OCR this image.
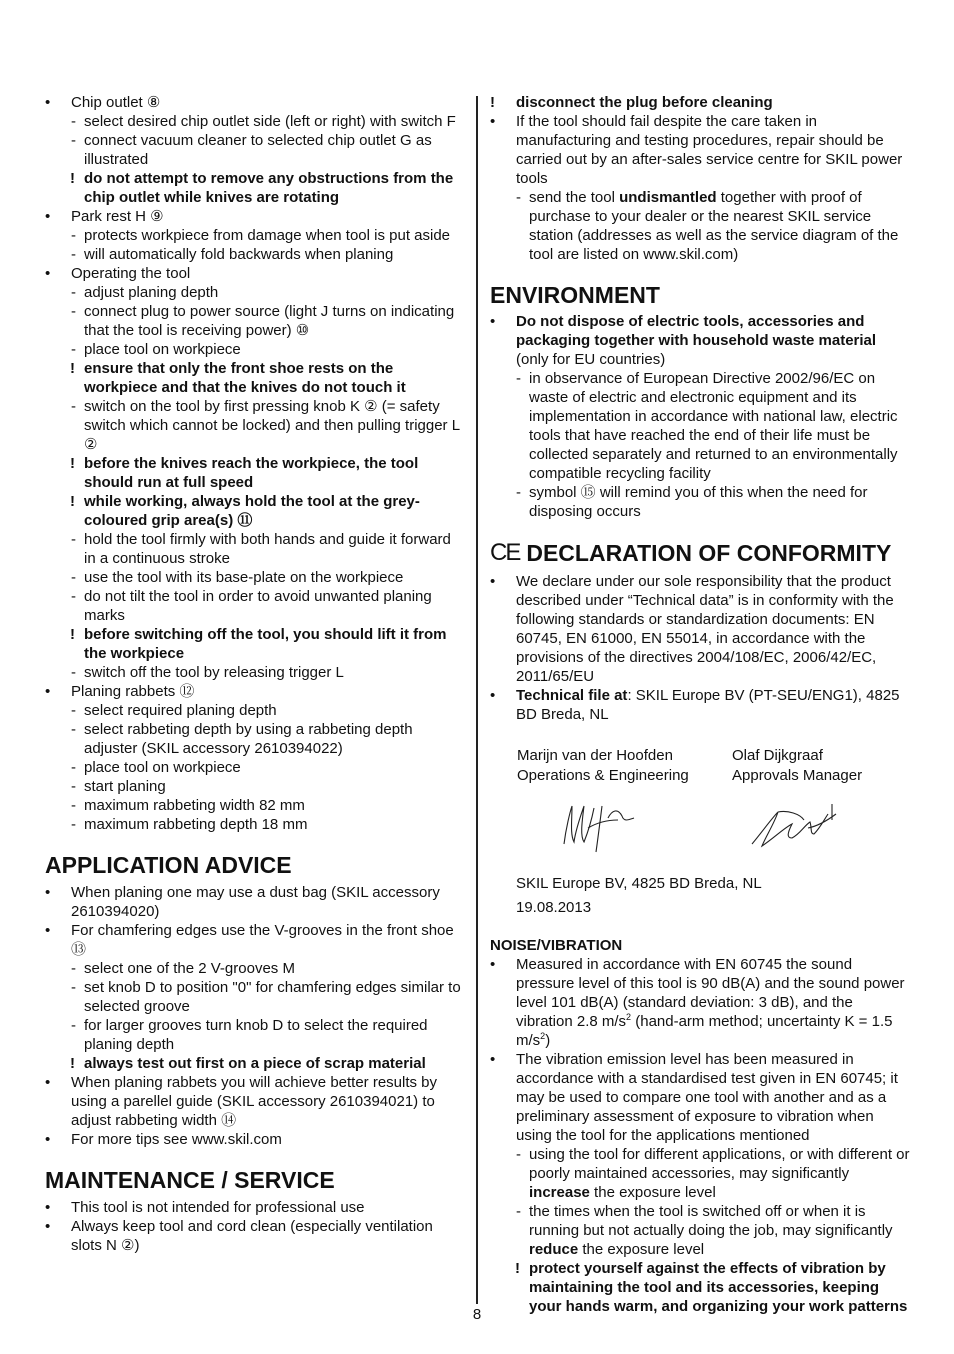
• Chip outlet ⑧
- select desired chip outlet side (left or right) with switch F
- connect vacuum cleaner to selected chip outlet G as illustrated
! do not attempt to remove any obstructions from the chip outlet while knives are rotating
• Park rest H ⑨
- protects workpiece from damage when tool is put aside
- will automatically fold backwards when planing
• Operating the tool
- adjust planing depth
- connect plug to power source (light J turns on indicating that the tool is receiving power) ⑩
- place tool on workpiece
! ensure that only the front shoe rests on the workpiece and that the knives do not touch it
- switch on the tool by first pressing knob K ② (= safety switch which cannot be locked) and then pulling trigger L ②
! before the knives reach the workpiece, the tool should run at full speed
! while working, always hold the tool at the grey-coloured grip area(s) ⑪
- hold the tool firmly with both hands and guide it forward in a continuous stroke
- use the tool with its base-plate on the workpiece
- do not tilt the tool in order to avoid unwanted planing marks
! before switching off the tool, you should lift it from the workpiece
- switch off the tool by releasing trigger L
• Planing rabbets ⑫
- select required planing depth
- select rabbeting depth by using a rabbeting depth adjuster (SKIL accessory 2610394022)
- place tool on workpiece
- start planing
- maximum rabbeting width 82 mm
- maximum rabbeting depth 18 mm
APPLICATION ADVICE
• When planing one may use a dust bag (SKIL accessory 2610394020)
• For chamfering edges use the V-grooves in the front shoe ⑬
- select one of the 2 V-grooves M
- set knob D to position "0" for chamfering edges similar to selected groove
- for larger grooves turn knob D to select the required planing depth
! always test out first on a piece of scrap material
• When planing rabbets you will achieve better results by using a parellel guide (SKIL accessory 2610394021) to adjust rabbeting width ⑭
• For more tips see www.skil.com
MAINTENANCE / SERVICE
• This tool is not intended for professional use
• Always keep tool and cord clean (especially ventilation slots N ②)
! disconnect the plug before cleaning
• If the tool should fail despite the care taken in manufacturing and testing procedures, repair should be carried out by an after-sales service centre for SKIL power tools
- send the tool undismantled together with proof of purchase to your dealer or the nearest SKIL service station (addresses as well as the service diagram of the tool are listed on www.skil.com)
ENVIRONMENT
• Do not dispose of electric tools, accessories and packaging together with household waste material (only for EU countries)
- in observance of European Directive 2002/96/EC on waste of electric and electronic equipment and its implementation in accordance with national law, electric tools that have reached the end of their life must be collected separately and returned to an environmentally compatible recycling facility
- symbol ⑮ will remind you of this when the need for disposing occurs
CE DECLARATION OF CONFORMITY
• We declare under our sole responsibility that the product described under “Technical data” is in conformity with the following standards or standardization documents: EN 60745, EN 61000, EN 55014, in accordance with the provisions of the directives 2004/108/EC, 2006/42/EC, 2011/65/EU
• Technical file at: SKIL Europe BV (PT-SEU/ENG1), 4825 BD Breda, NL
Marijn van der Hoofden
Operations & Engineering
Olaf Dijkgraaf
Approvals Manager
SKIL Europe BV, 4825 BD Breda, NL
19.08.2013
NOISE/VIBRATION
• Measured in accordance with EN 60745 the sound pressure level of this tool is 90 dB(A) and the sound power level 101 dB(A) (standard deviation: 3 dB), and the vibration 2.8 $m/s^2$ (hand-arm method; uncertainty K = 1.5 $m/s^2$)
• The vibration emission level has been measured in accordance with a standardised test given in EN 60745; it may be used to compare one tool with another and as a preliminary assessment of exposure to vibration when using the tool for the applications mentioned
- using the tool for different applications, or with different or poorly maintained accessories, may significantly increase the exposure level
- the times when the tool is switched off or when it is running but not actually doing the job, may significantly reduce the exposure level
! protect yourself against the effects of vibration by maintaining the tool and its accessories, keeping your hands warm, and organizing your work patterns
8
